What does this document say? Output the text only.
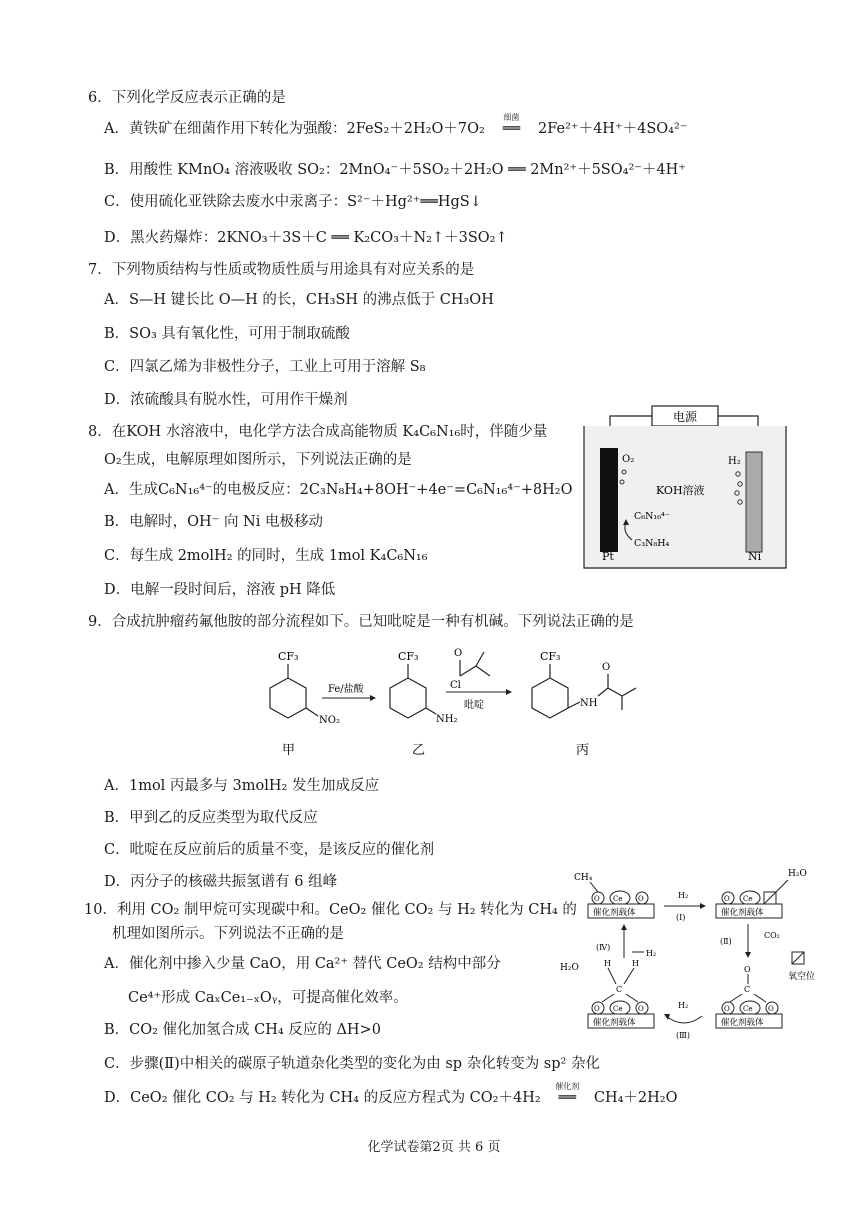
6．下列化学反应表示正确的是
A．黄铁矿在细菌作用下转化为强酸：2FeS₂＋2H₂O＋7O₂
细菌
══ 2Fe²⁺＋4H⁺＋4SO₄²⁻
B．用酸性 KMnO₄ 溶液吸收 SO₂：2MnO₄⁻＋5SO₂＋2H₂O ══ 2Mn²⁺＋5SO₄²⁻＋4H⁺
C．使用硫化亚铁除去废水中汞离子：S²⁻＋Hg²⁺══HgS↓
D．黑火药爆炸：2KNO₃＋3S＋C ══ K₂CO₃＋N₂↑＋3SO₂↑
7．下列物质结构与性质或物质性质与用途具有对应关系的是
A．S—H 键长比 O—H 的长，CH₃SH 的沸点低于 CH₃OH
B．SO₃ 具有氧化性，可用于制取硫酸
C．四氯乙烯为非极性分子，工业上可用于溶解 S₈
D．浓硫酸具有脱水性，可用作干燥剂
8．在KOH 水溶液中，电化学方法合成高能物质 K₄C₆N₁₆时，伴随少量
O₂生成，电解原理如图所示，下列说法正确的是
A．生成C₆N₁₆⁴⁻的电极反应：2C₃N₈H₄+8OH⁻+4e⁻=C₆N₁₆⁴⁻+8H₂O
B．电解时，OH⁻ 向 Ni 电极移动
C．每生成 2molH₂ 的同时，生成 1mol K₄C₆N₁₆
D．电解一段时间后，溶液 pH 降低
电源
O₂	H₂
KOH溶液
C₆N₁₆⁴⁻
C₃N₈H₄
Pt	Ni
9．合成抗肿瘤药氟他胺的部分流程如下。已知吡啶是一种有机碱。下列说法正确的是
CF₃
NO₂
Fe/盐酸
CF₃
NH₂
O
Cl
吡啶
CF₃
NH
O
甲	乙	丙
A．1mol 丙最多与 3molH₂ 发生加成反应
B．甲到乙的反应类型为取代反应
C．吡啶在反应前后的质量不变，是该反应的催化剂
D．丙分子的核磁共振氢谱有 6 组峰
10．利用 CO₂ 制甲烷可实现碳中和。CeO₂ 催化 CO₂ 与 H₂ 转化为 CH₄ 的
机理如图所示。下列说法不正确的是
A．催化剂中掺入少量 CaO，用 Ca²⁺ 替代 CeO₂ 结构中部分
Ce⁴⁺形成 CaₓCe₁₋ₓOᵧ，可提高催化效率。
B．CO₂ 催化加氢合成 CH₄ 反应的 ΔH>0
C．步骤(Ⅱ)中相关的碳原子轨道杂化类型的变化为由 sp 杂化转变为 sp² 杂化
D．CeO₂ 催化 CO₂ 与 H₂ 转化为 CH₄ 的反应方程式为 CO₂＋4H₂
催化剂
══ CH₄＋2H₂O
CH₄
O Ce O
催化剂载体
H₂O
O Ce
催化剂载体
H₂
(Ⅰ)
(Ⅱ)
CO₂
氧空位
O
C
O Ce O
催化剂载体
H₂
(Ⅲ)
H₂O	H	H
C
O Ce O
催化剂载体
(Ⅳ)
H₂
化学试卷第2页 共 6 页
